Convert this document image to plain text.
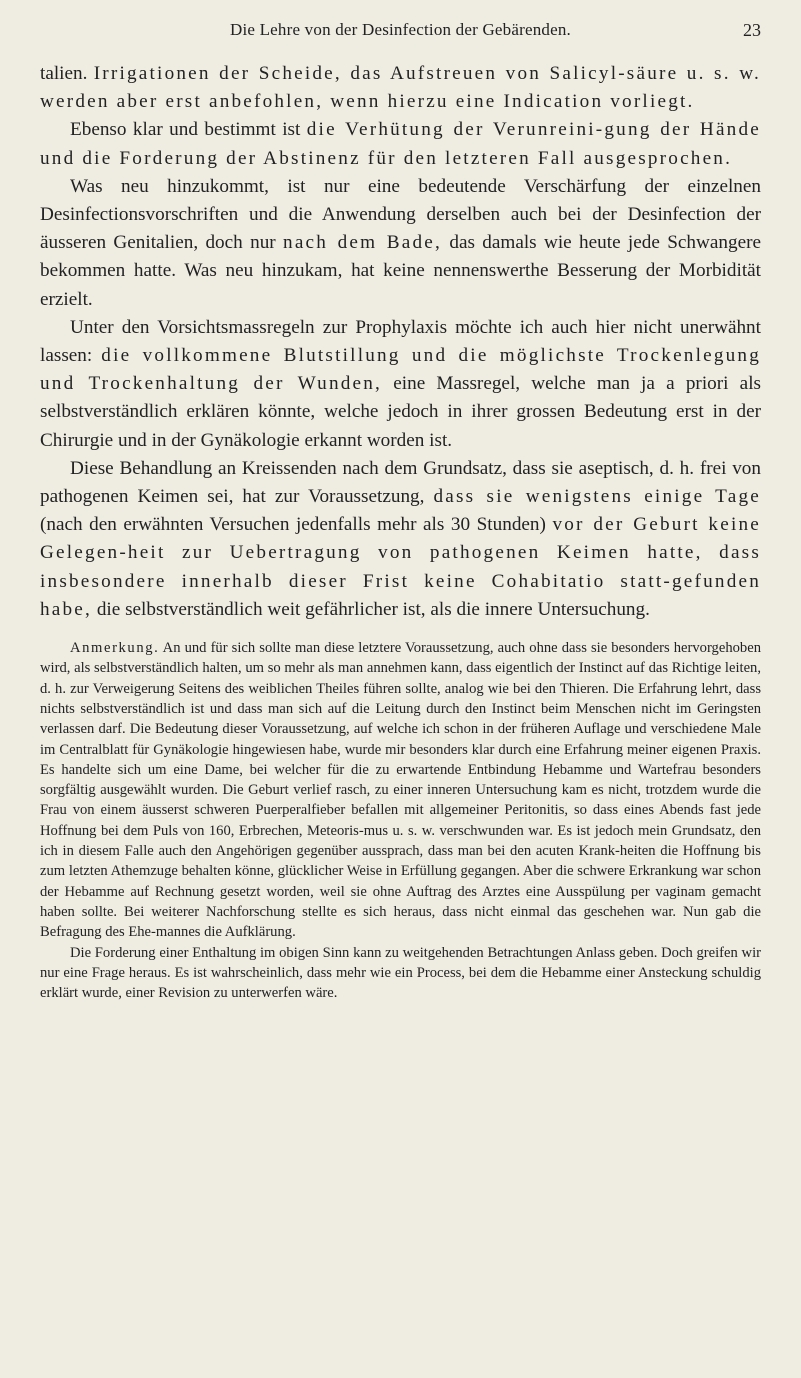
Die Lehre von der Desinfection der Gebärenden.	23

talien. Irrigationen der Scheide, das Aufstreuen von Salicyl-säure u. s. w. werden aber erst anbefohlen, wenn hierzu eine Indication vorliegt.

Ebenso klar und bestimmt ist die Verhütung der Verunreini-gung der Hände und die Forderung der Abstinenz für den letzteren Fall ausgesprochen.

Was neu hinzukommt, ist nur eine bedeutende Verschärfung der einzelnen Desinfectionsvorschriften und die Anwendung derselben auch bei der Desinfection der äusseren Genitalien, doch nur nach dem Bade, das damals wie heute jede Schwangere bekommen hatte. Was neu hinzukam, hat keine nennenswerthe Besserung der Morbidität erzielt.

Unter den Vorsichtsmassregeln zur Prophylaxis möchte ich auch hier nicht unerwähnt lassen: die vollkommene Blutstillung und die möglichste Trockenlegung und Trockenhaltung der Wunden, eine Massregel, welche man ja a priori als selbstverständlich erklären könnte, welche jedoch in ihrer grossen Bedeutung erst in der Chirurgie und in der Gynäkologie erkannt worden ist.

Diese Behandlung an Kreissenden nach dem Grundsatz, dass sie aseptisch, d. h. frei von pathogenen Keimen sei, hat zur Voraussetzung, dass sie wenigstens einige Tage (nach den erwähnten Versuchen jedenfalls mehr als 30 Stunden) vor der Geburt keine Gelegen-heit zur Uebertragung von pathogenen Keimen hatte, dass insbesondere innerhalb dieser Frist keine Cohabitatio statt-gefunden habe, die selbstverständlich weit gefährlicher ist, als die innere Untersuchung.

Anmerkung. An und für sich sollte man diese letztere Voraussetzung, auch ohne dass sie besonders hervorgehoben wird, als selbstverständlich halten, um so mehr als man annehmen kann, dass eigentlich der Instinct auf das Richtige leiten, d. h. zur Verweigerung Seitens des weiblichen Theiles führen sollte, analog wie bei den Thieren. Die Erfahrung lehrt, dass nichts selbstverständlich ist und dass man sich auf die Leitung durch den Instinct beim Menschen nicht im Geringsten verlassen darf. Die Bedeutung dieser Voraussetzung, auf welche ich schon in der früheren Auflage und verschiedene Male im Centralblatt für Gynäkologie hingewiesen habe, wurde mir besonders klar durch eine Erfahrung meiner eigenen Praxis. Es handelte sich um eine Dame, bei welcher für die zu erwartende Entbindung Hebamme und Wartefrau besonders sorgfältig ausgewählt wurden. Die Geburt verlief rasch, zu einer inneren Untersuchung kam es nicht, trotzdem wurde die Frau von einem äusserst schweren Puerperalfieber befallen mit allgemeiner Peritonitis, so dass eines Abends fast jede Hoffnung bei dem Puls von 160, Erbrechen, Meteoris-mus u. s. w. verschwunden war. Es ist jedoch mein Grundsatz, den ich in diesem Falle auch den Angehörigen gegenüber aussprach, dass man bei den acuten Krank-heiten die Hoffnung bis zum letzten Athemzuge behalten könne, glücklicher Weise in Erfüllung gegangen. Aber die schwere Erkrankung war schon der Hebamme auf Rechnung gesetzt worden, weil sie ohne Auftrag des Arztes eine Ausspülung per vaginam gemacht haben sollte. Bei weiterer Nachforschung stellte es sich heraus, dass nicht einmal das geschehen war. Nun gab die Befragung des Ehe-mannes die Aufklärung.

Die Forderung einer Enthaltung im obigen Sinn kann zu weitgehenden Betrachtungen Anlass geben. Doch greifen wir nur eine Frage heraus. Es ist wahrscheinlich, dass mehr wie ein Process, bei dem die Hebamme einer Ansteckung schuldig erklärt wurde, einer Revision zu unterwerfen wäre.
